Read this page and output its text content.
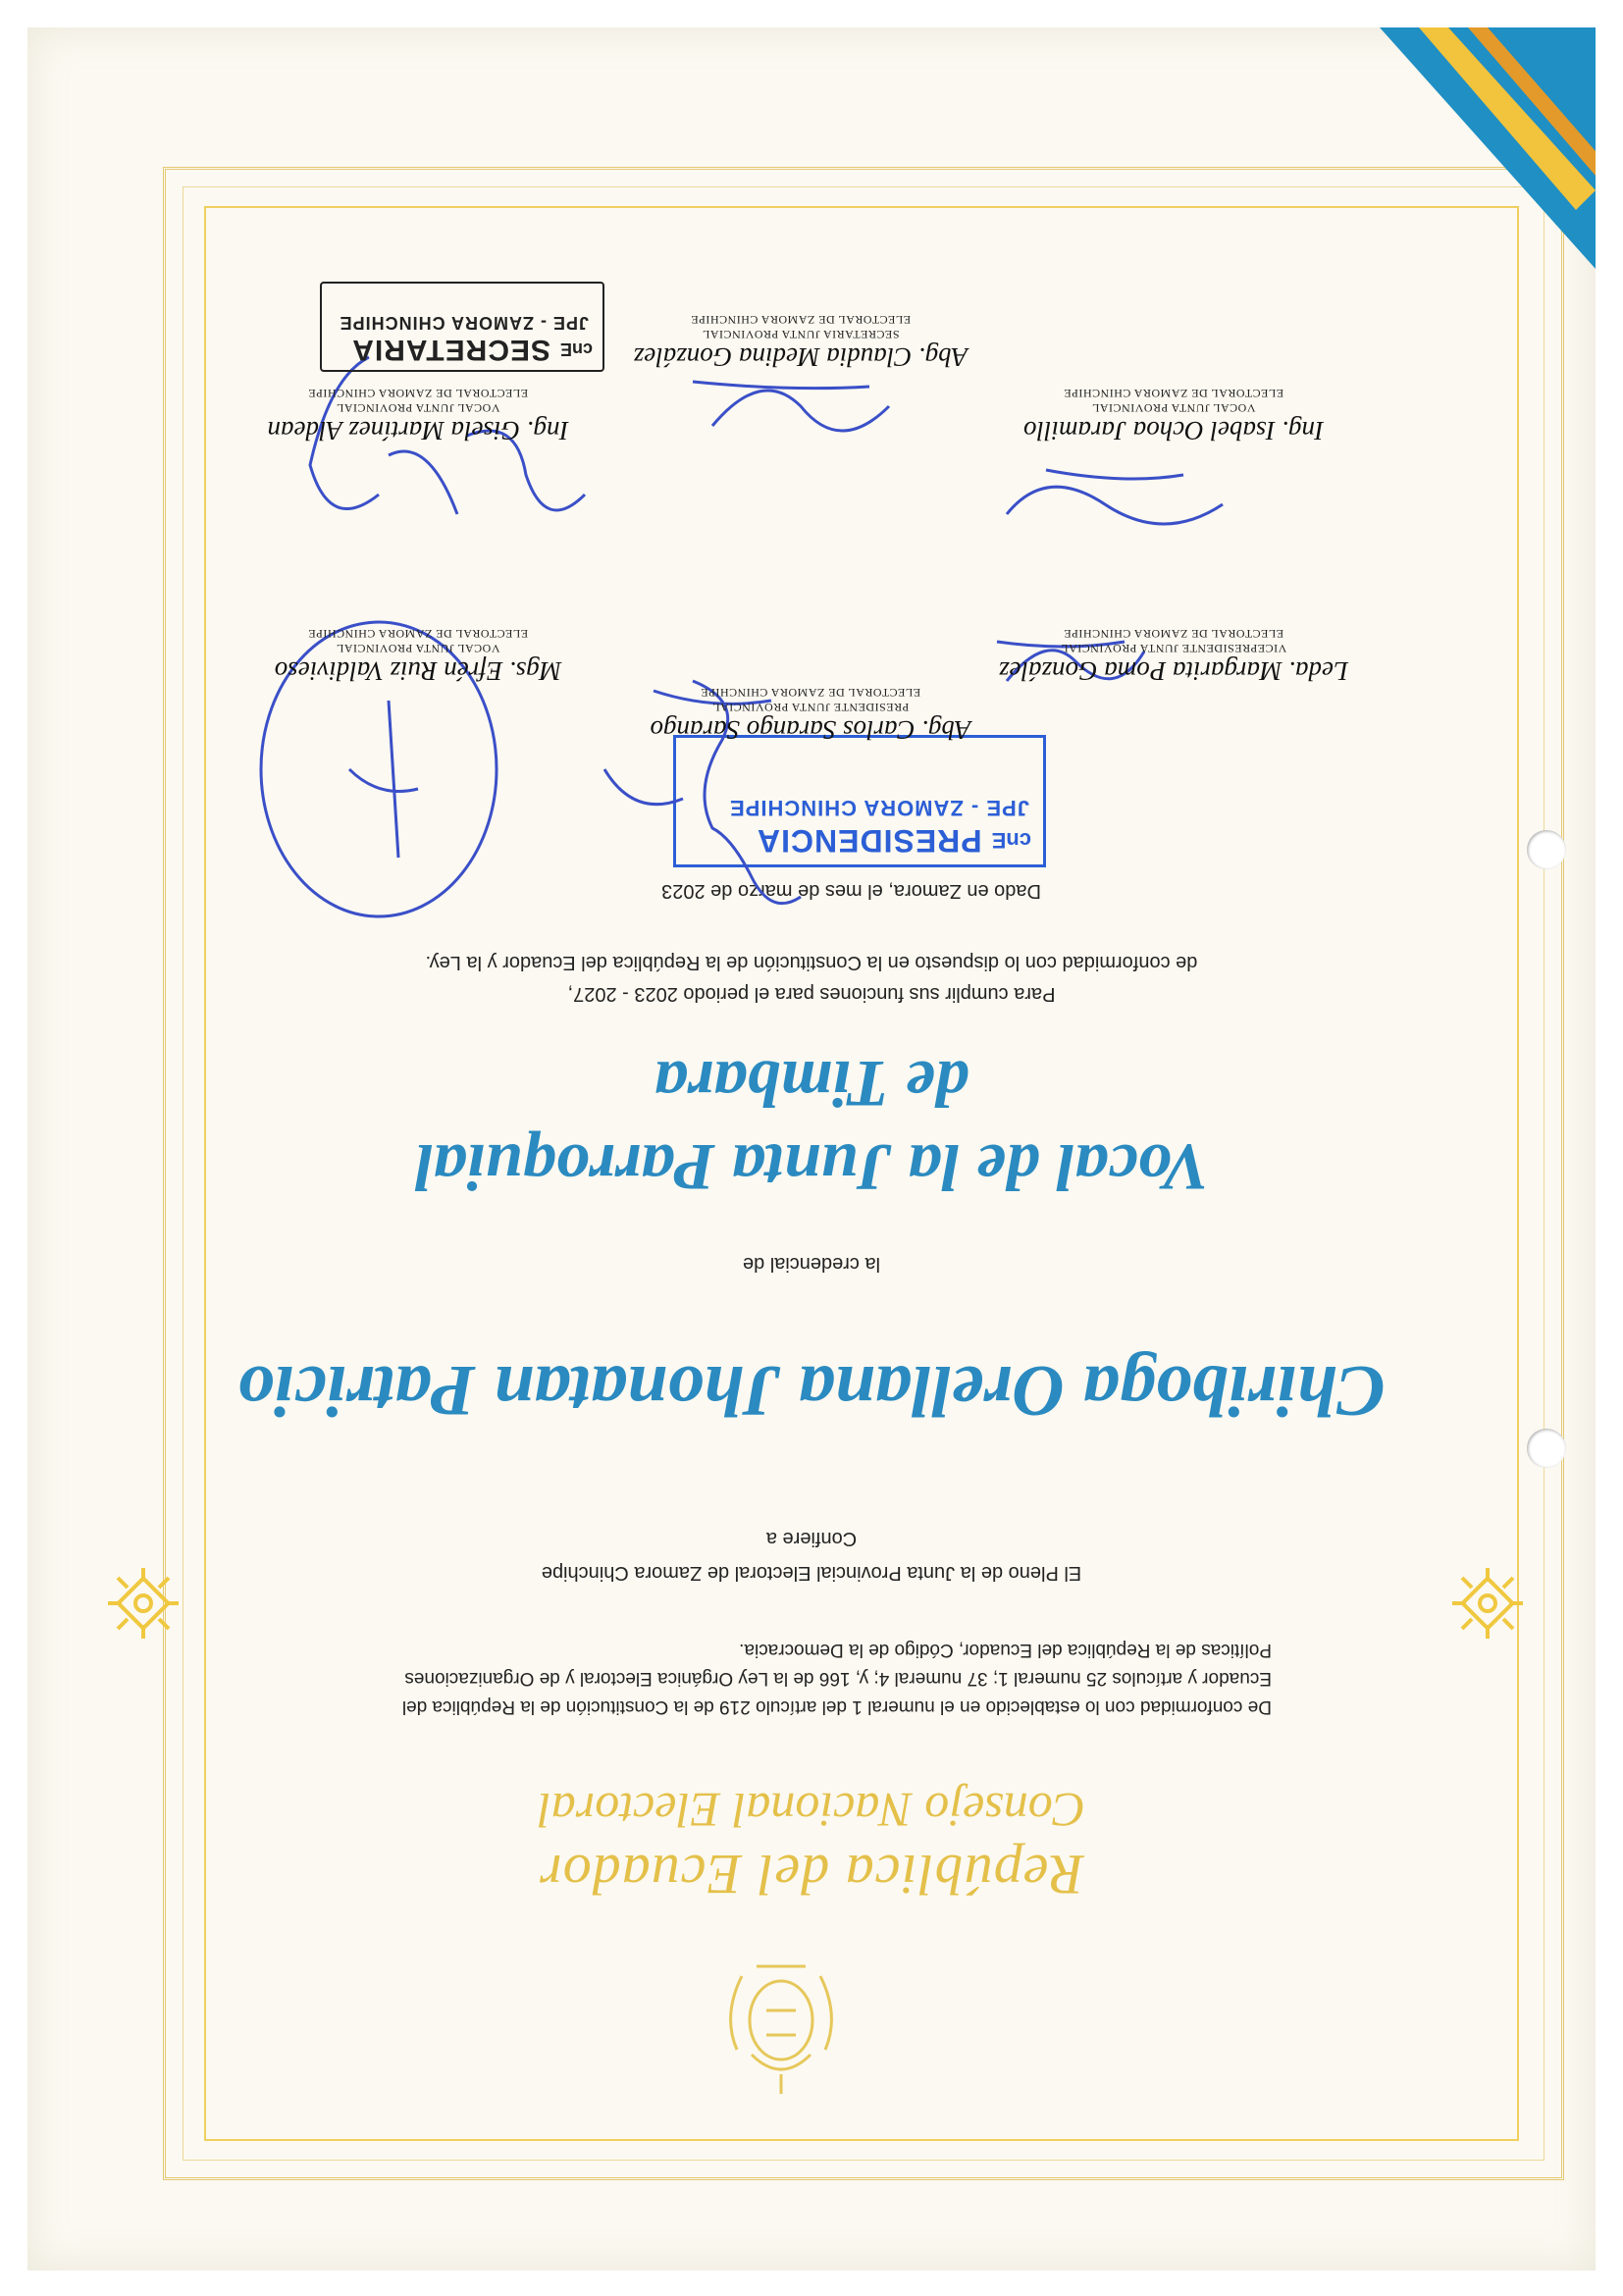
República del Ecuador
Consejo Nacional Electoral
De conformidad con lo establecido en el numeral 1 del artículo 219 de la Constitución de la República del Ecuador y artículos 25 numeral 1; 37 numeral 4; y, 166 de la Ley Orgánica Electoral y de Organizaciones Políticas de la República del Ecuador, Código de la Democracia.
El Pleno de la Junta Provincial Electoral de Zamora Chinchipe
Confiere a
Chiriboga Orellana Jhonatan Patricio
la credencial de
Vocal de la Junta Parroquial
de Timbara
Para cumplir sus funciones para el periodo 2023 - 2027,
de conformidad con lo dispuesto en la Constitución de la República del Ecuador y la Ley.
Dado en Zamora, el mes de marzo de 2023
cnE
PRESIDENCIA
JPE - ZAMORA CHINCHIPE
Abg. Carlos Sarango Sarango
PRESIDENTE JUNTA PROVINCIAL
ELECTORAL DE ZAMORA CHINCHIPE
Mgs. Efrén Ruiz Valdivieso
VOCAL JUNTA PROVINCIAL
ELECTORAL DE ZAMORA CHINCHIPE
Leda. Margarita Poma González
VICEPRESIDENTE JUNTA PROVINCIAL
ELECTORAL DE ZAMORA CHINCHIPE
Ing. Gisela Martínez Aldean
VOCAL JUNTA PROVINCIAL
ELECTORAL DE ZAMORA CHINCHIPE
Ing. Isabel Ochoa Jaramillo
VOCAL JUNTA PROVINCIAL
ELECTORAL DE ZAMORA CHINCHIPE
Abg. Claudia Medina González
SECRETARIA JUNTA PROVINCIAL
ELECTORAL DE ZAMORA CHINCHIPE
cnE
SECRETARIA
JPE - ZAMORA CHINCHIPE
